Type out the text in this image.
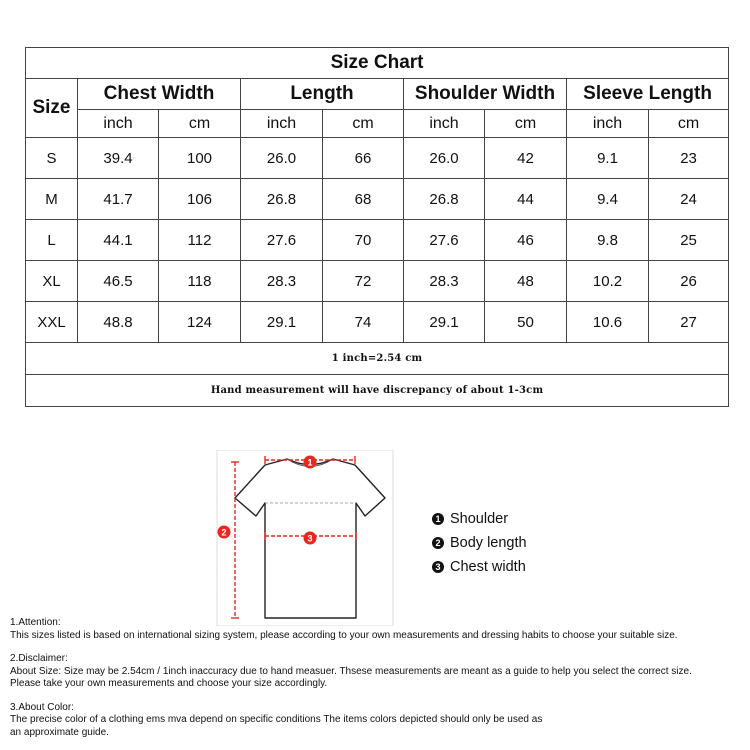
Size Chart								
Size	Chest Width		Length		Shoulder Width		Sleeve Length	
	inch	cm	inch	cm	inch	cm	inch	cm
S	39.4	100	26.0	66	26.0	42	9.1	23
M	41.7	106	26.8	68	26.8	44	9.4	24
L	44.1	112	27.6	70	27.6	46	9.8	25
XL	46.5	118	28.3	72	28.3	48	10.2	26
XXL	48.8	124	29.1	74	29.1	50	10.6	27
1 inch=2.54 cm								
Hand measurement will have discrepancy of about 1-3cm								
1
2
3
1 Shoulder
2 Body length
3 Chest width

1.Attention:

This sizes listed is based on international sizing system, please according to your own measurements and dressing habits to choose your suitable size.

2.Disclaimer:

About Size: Size may be 2.54cm / 1inch inaccuracy due to hand measuer. Thsese measurements are meant as a guide to help you select the correct size.

Please take your own measurements and choose your size accordingly.

3.About Color:

The precise color of a clothing ems mva depend on specific conditions The items colors depicted should only be used as

an approximate guide.
